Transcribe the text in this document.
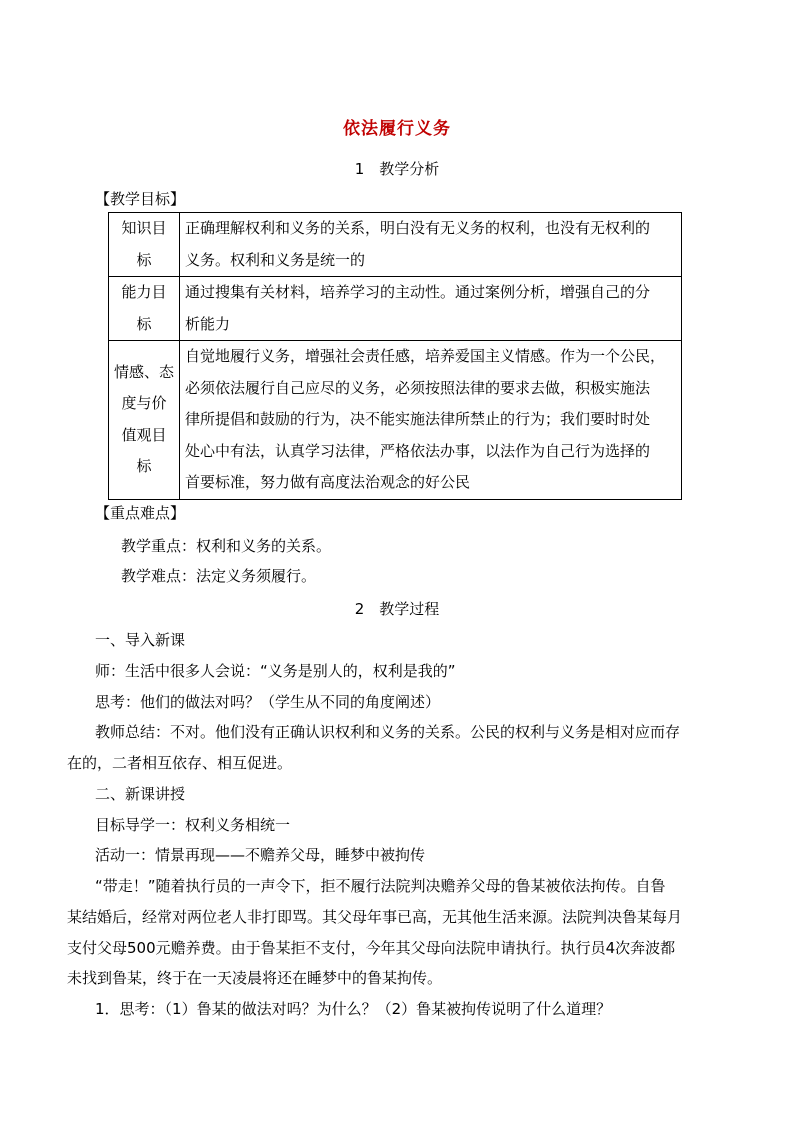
依法履行义务
1　教学分析
【教学目标】
知识目
标	正确理解权利和义务的关系，明白没有无义务的权利，也没有无权利的
义务。权利和义务是统一的

能力目
标	通过搜集有关材料，培养学习的主动性。通过案例分析，增强自己的分
析能力

情感、态
度与价
值观目
标	自觉地履行义务，增强社会责任感，培养爱国主义情感。作为一个公民，
必须依法履行自己应尽的义务，必须按照法律的要求去做，积极实施法
律所提倡和鼓励的行为，决不能实施法律所禁止的行为；我们要时时处
处心中有法，认真学习法律，严格依法办事，以法作为自己行为选择的
首要标准，努力做有高度法治观念的好公民
【重点难点】
教学重点：权利和义务的关系。
教学难点：法定义务须履行。
2　教学过程
一、导入新课
师：生活中很多人会说：“义务是别人的，权利是我的”
思考：他们的做法对吗？（学生从不同的角度阐述）
教师总结：不对。他们没有正确认识权利和义务的关系。公民的权利与义务是相对应而存
在的，二者相互依存、相互促进。
二、新课讲授
目标导学一：权利义务相统一
活动一：情景再现——不赡养父母，睡梦中被拘传
“带走！”随着执行员的一声令下，拒不履行法院判决赡养父母的鲁某被依法拘传。自鲁
某结婚后，经常对两位老人非打即骂。其父母年事已高，无其他生活来源。法院判决鲁某每月
支付父母500元赡养费。由于鲁某拒不支付，今年其父母向法院申请执行。执行员4次奔波都
未找到鲁某，终于在一天凌晨将还在睡梦中的鲁某拘传。
1．思考：（1）鲁某的做法对吗？为什么？（2）鲁某被拘传说明了什么道理？
